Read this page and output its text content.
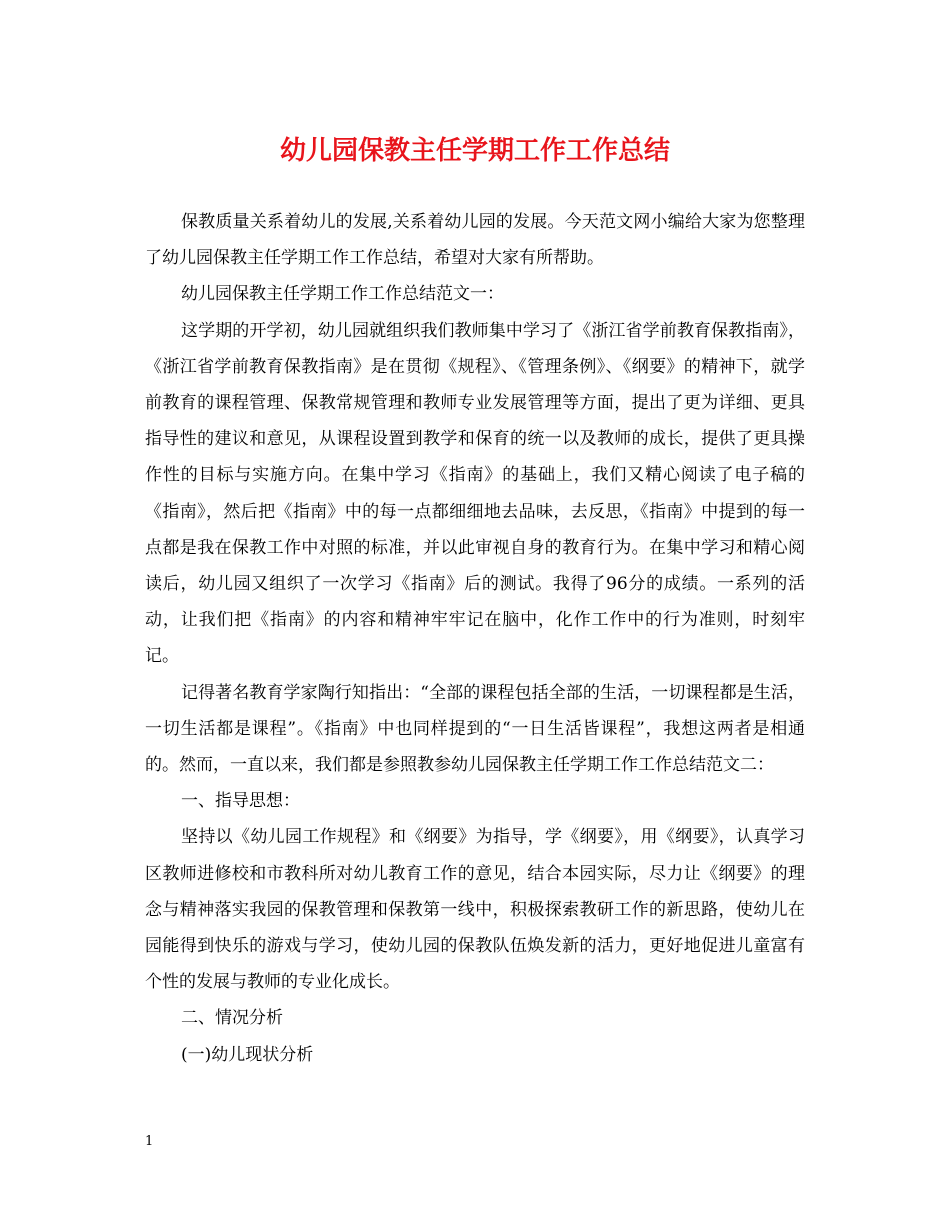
幼儿园保教主任学期工作工作总结

保教质量关系着幼儿的发展,关系着幼儿园的发展。今天范文网小编给大家为您整理了幼儿园保教主任学期工作工作总结，希望对大家有所帮助。

幼儿园保教主任学期工作工作总结范文一：

这学期的开学初，幼儿园就组织我们教师集中学习了《浙江省学前教育保教指南》，《浙江省学前教育保教指南》是在贯彻《规程》、《管理条例》、《纲要》的精神下，就学前教育的课程管理、保教常规管理和教师专业发展管理等方面，提出了更为详细、更具指导性的建议和意见，从课程设置到教学和保育的统一以及教师的成长，提供了更具操作性的目标与实施方向。在集中学习《指南》的基础上，我们又精心阅读了电子稿的《指南》，然后把《指南》中的每一点都细细地去品味，去反思，《指南》中提到的每一点都是我在保教工作中对照的标准，并以此审视自身的教育行为。在集中学习和精心阅读后，幼儿园又组织了一次学习《指南》后的测试。我得了96分的成绩。一系列的活动，让我们把《指南》的内容和精神牢牢记在脑中，化作工作中的行为准则，时刻牢记。

记得著名教育学家陶行知指出：“全部的课程包括全部的生活，一切课程都是生活，一切生活都是课程”。《指南》中也同样提到的“一日生活皆课程”，我想这两者是相通的。然而，一直以来，我们都是参照教参幼儿园保教主任学期工作工作总结范文二：

一、指导思想：

坚持以《幼儿园工作规程》和《纲要》为指导，学《纲要》，用《纲要》，认真学习区教师进修校和市教科所对幼儿教育工作的意见，结合本园实际，尽力让《纲要》的理念与精神落实我园的保教管理和保教第一线中，积极探索教研工作的新思路，使幼儿在园能得到快乐的游戏与学习，使幼儿园的保教队伍焕发新的活力，更好地促进儿童富有个性的发展与教师的专业化成长。

二、情况分析

(一)幼儿现状分析

1
